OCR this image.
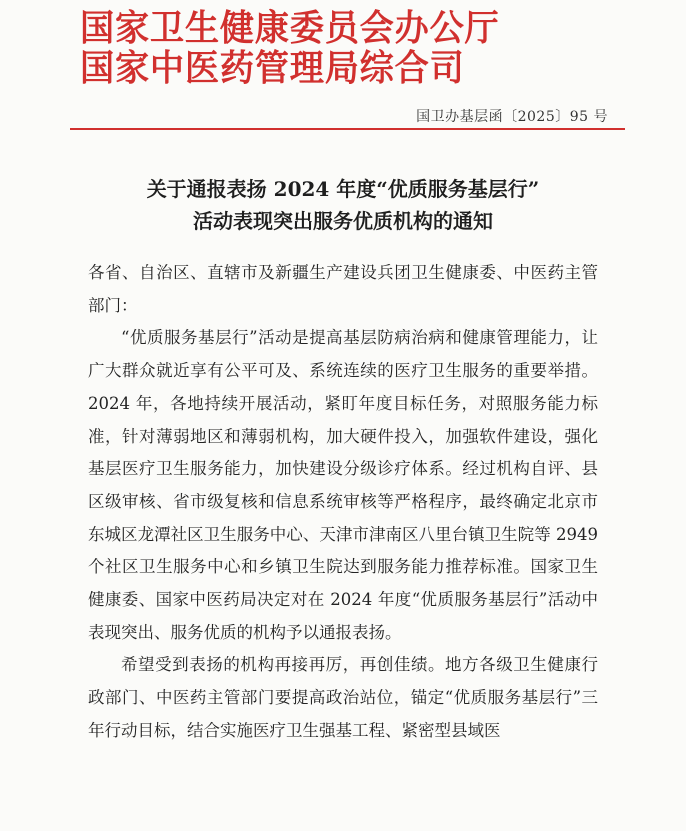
国家卫生健康委员会办公厅
国家中医药管理局综合司
国卫办基层函〔2025〕95 号
关于通报表扬 2024 年度“优质服务基层行”
活动表现突出服务优质机构的通知
各省、自治区、直辖市及新疆生产建设兵团卫生健康委、中医药主管部门：
“优质服务基层行”活动是提高基层防病治病和健康管理能力，让广大群众就近享有公平可及、系统连续的医疗卫生服务的重要举措。2024 年，各地持续开展活动，紧盯年度目标任务，对照服务能力标准，针对薄弱地区和薄弱机构，加大硬件投入，加强软件建设，强化基层医疗卫生服务能力，加快建设分级诊疗体系。经过机构自评、县区级审核、省市级复核和信息系统审核等严格程序，最终确定北京市东城区龙潭社区卫生服务中心、天津市津南区八里台镇卫生院等 2949 个社区卫生服务中心和乡镇卫生院达到服务能力推荐标准。国家卫生健康委、国家中医药局决定对在 2024 年度“优质服务基层行”活动中表现突出、服务优质的机构予以通报表扬。
希望受到表扬的机构再接再厉，再创佳绩。地方各级卫生健康行政部门、中医药主管部门要提高政治站位，锚定“优质服务基层行”三年行动目标，结合实施医疗卫生强基工程、紧密型县域医
